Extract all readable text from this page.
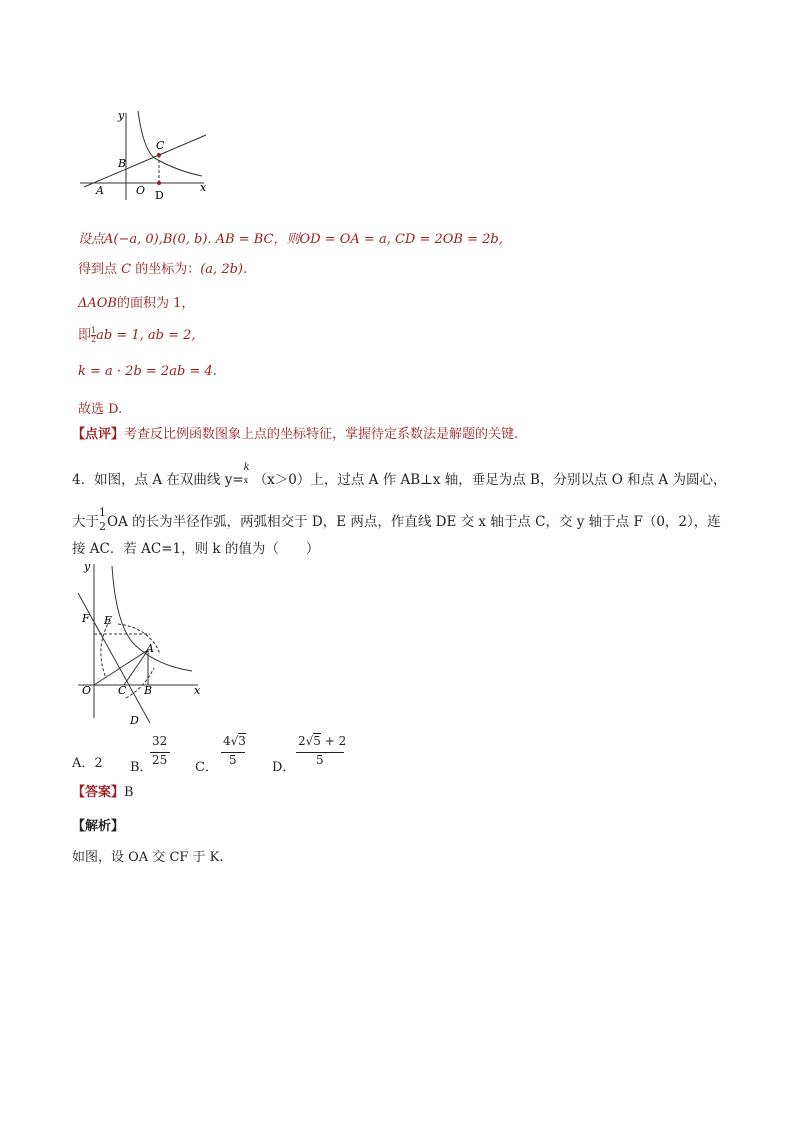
y
x
B
C
O
A	D
设点A(−a, 0),B(0, b). AB = BC，则OD = OA = a, CD = 2OB = 2b,
得到点 C 的坐标为：(a, 2b).
ΔAOB的面积为 1，
即 $\frac{1}{2}$ ab = 1, ab = 2,
k = a · 2b = 2ab = 4.
故选 D.
【点评】考查反比例函数图象上点的坐标特征，掌握待定系数法是解题的关键.
4．如图，点 A 在双曲线 y=
k
x （x＞0）上，过点 A 作 AB⊥x 轴，垂足为点 B，分别以点 O 和点 A 为圆心，
大于
1
2 OA 的长为半径作弧，两弧相交于 D，E 两点，作直线 DE 交 x 轴于点 C，交 y 轴于点 F（0，2），连
接 AC．若 AC=1，则 k 的值为（　　）
y
x
F E
A
O C B
D
A．2 B．
32
25 C．
4√3
5	D．
2√5 + 2
5
【答案】B
【解析】
如图，设 OA 交 CF 于 K.
